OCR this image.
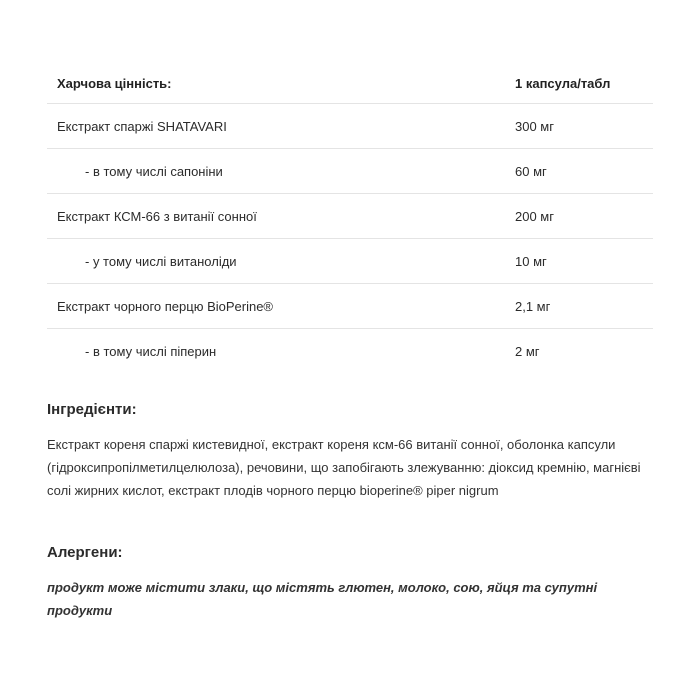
Харчова цінність:	1 капсула/табл
Екстракт спаржі SHATAVARI	300 мг
- в тому числі сапоніни	60 мг
Екстракт КСМ-66 з витанії сонної	200 мг
- у тому числі витаноліди	10 мг
Екстракт чорного перцю BioPerine®	2,1 мг
- в тому числі піперин	2 мг
Інгредієнти:

Екстракт кореня спаржі кистевидної, екстракт кореня ксм-66 витанії сонної, оболонка капсули (гідроксипропілметилцелюлоза), речовини, що запобігають злежуванню: діоксид кремнію, магнієві солі жирних кислот, екстракт плодів чорного перцю bioperine® piper nigrum

Алергени:

продукт може містити злаки, що містять глютен, молоко, сою, яйця та супутні продукти
